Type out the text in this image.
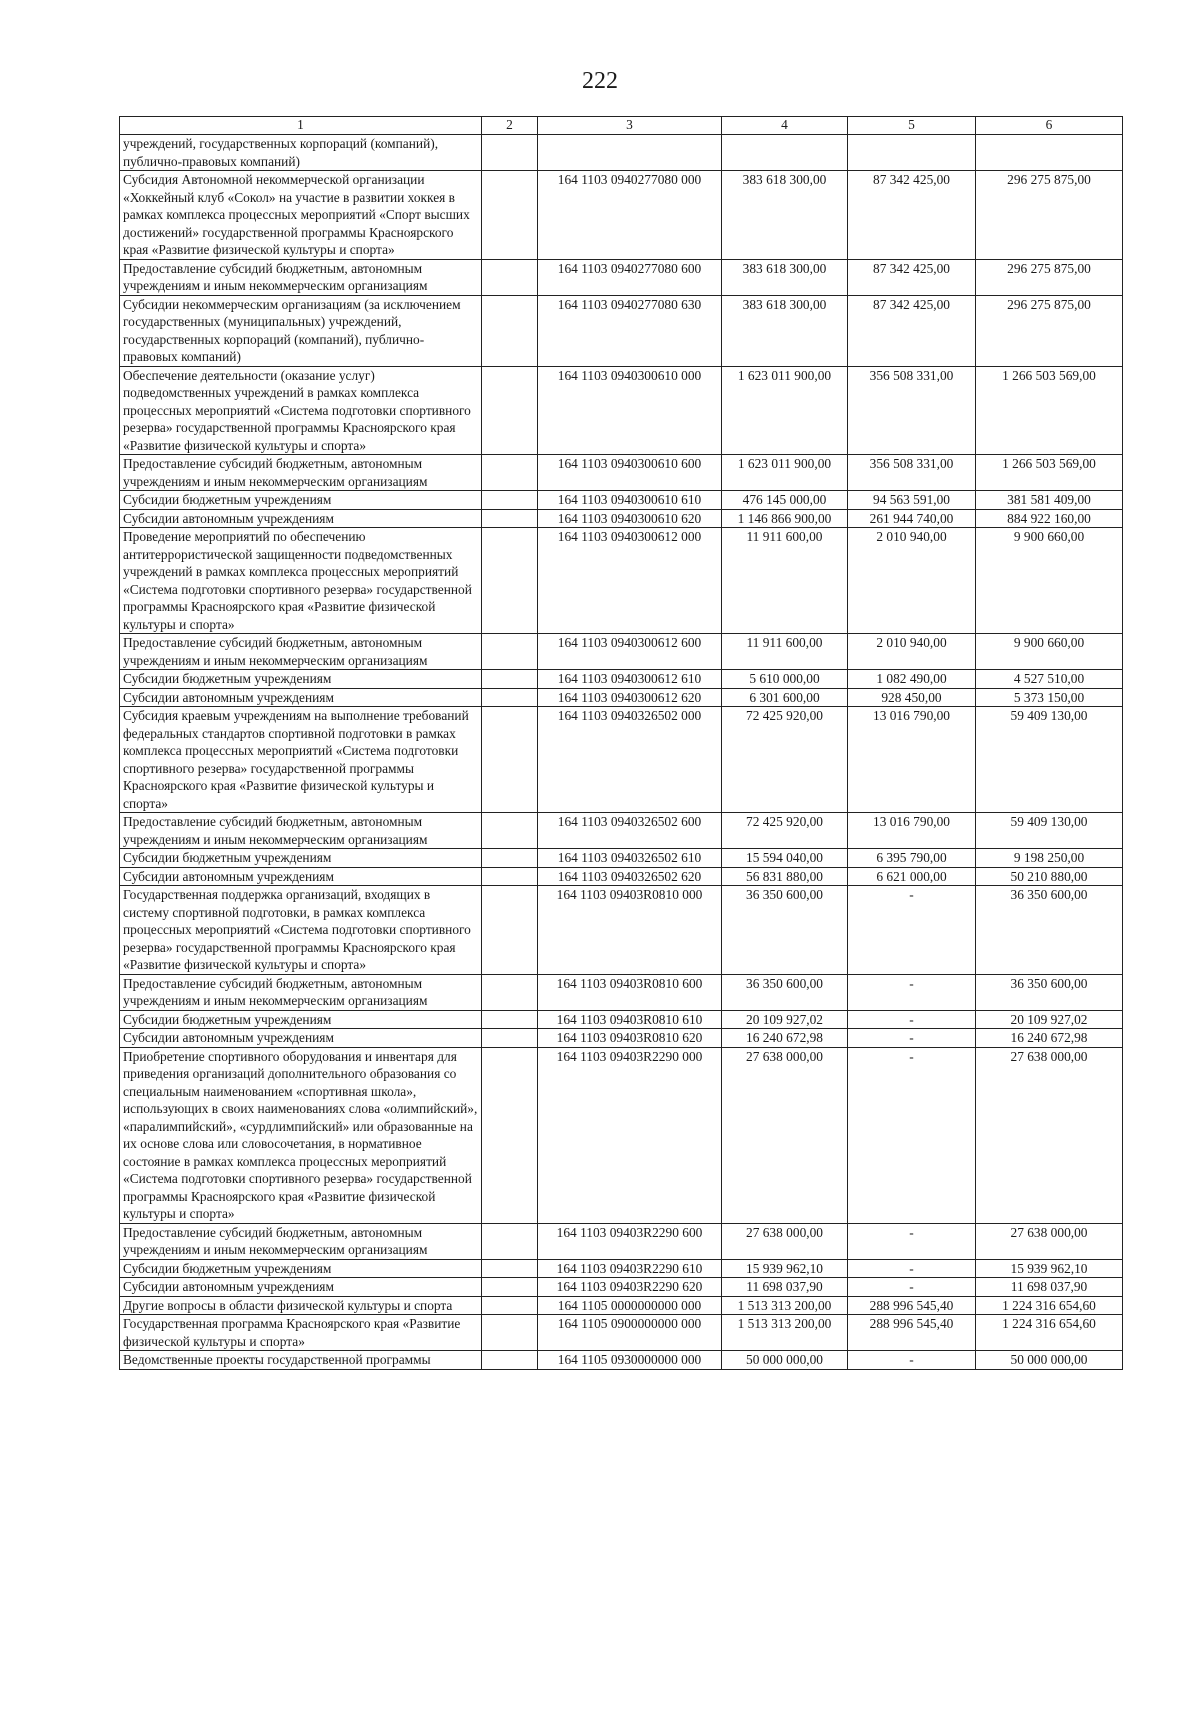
222
1	2	3	4	5	6
учреждений, государственных корпораций (компаний), публично-правовых компаний)					
Субсидия Автономной некоммерческой организации «Хоккейный клуб «Сокол» на участие в развитии хоккея в рамках комплекса процессных мероприятий «Спорт высших достижений» государственной программы Красноярского края «Развитие физической культуры и спорта»		164 1103 0940277080 000	383 618 300,00	87 342 425,00	296 275 875,00
Предоставление субсидий бюджетным, автономным учреждениям и иным некоммерческим организациям		164 1103 0940277080 600	383 618 300,00	87 342 425,00	296 275 875,00
Субсидии некоммерческим организациям (за исключением государственных (муниципальных) учреждений, государственных корпораций (компаний), публично-правовых компаний)		164 1103 0940277080 630	383 618 300,00	87 342 425,00	296 275 875,00
Обеспечение деятельности (оказание услуг) подведомственных учреждений в рамках комплекса процессных мероприятий «Система подготовки спортивного резерва» государственной программы Красноярского края «Развитие физической культуры и спорта»		164 1103 0940300610 000	1 623 011 900,00	356 508 331,00	1 266 503 569,00
Предоставление субсидий бюджетным, автономным учреждениям и иным некоммерческим организациям		164 1103 0940300610 600	1 623 011 900,00	356 508 331,00	1 266 503 569,00
Субсидии бюджетным учреждениям		164 1103 0940300610 610	476 145 000,00	94 563 591,00	381 581 409,00
Субсидии автономным учреждениям		164 1103 0940300610 620	1 146 866 900,00	261 944 740,00	884 922 160,00
Проведение мероприятий по обеспечению антитеррористической защищенности подведомственных учреждений в рамках комплекса процессных мероприятий «Система подготовки спортивного резерва» государственной программы Красноярского края «Развитие физической культуры и спорта»		164 1103 0940300612 000	11 911 600,00	2 010 940,00	9 900 660,00
Предоставление субсидий бюджетным, автономным учреждениям и иным некоммерческим организациям		164 1103 0940300612 600	11 911 600,00	2 010 940,00	9 900 660,00
Субсидии бюджетным учреждениям		164 1103 0940300612 610	5 610 000,00	1 082 490,00	4 527 510,00
Субсидии автономным учреждениям		164 1103 0940300612 620	6 301 600,00	928 450,00	5 373 150,00
Субсидия краевым учреждениям на выполнение требований федеральных стандартов спортивной подготовки в рамках комплекса процессных мероприятий «Система подготовки спортивного резерва» государственной программы Красноярского края «Развитие физической культуры и спорта»		164 1103 0940326502 000	72 425 920,00	13 016 790,00	59 409 130,00
Предоставление субсидий бюджетным, автономным учреждениям и иным некоммерческим организациям		164 1103 0940326502 600	72 425 920,00	13 016 790,00	59 409 130,00
Субсидии бюджетным учреждениям		164 1103 0940326502 610	15 594 040,00	6 395 790,00	9 198 250,00
Субсидии автономным учреждениям		164 1103 0940326502 620	56 831 880,00	6 621 000,00	50 210 880,00
Государственная поддержка организаций, входящих в систему спортивной подготовки, в рамках комплекса процессных мероприятий «Система подготовки спортивного резерва» государственной программы Красноярского края «Развитие физической культуры и спорта»		164 1103 09403R0810 000	36 350 600,00	-	36 350 600,00
Предоставление субсидий бюджетным, автономным учреждениям и иным некоммерческим организациям		164 1103 09403R0810 600	36 350 600,00	-	36 350 600,00
Субсидии бюджетным учреждениям		164 1103 09403R0810 610	20 109 927,02	-	20 109 927,02
Субсидии автономным учреждениям		164 1103 09403R0810 620	16 240 672,98	-	16 240 672,98
Приобретение спортивного оборудования и инвентаря для приведения организаций дополнительного образования со специальным наименованием «спортивная школа», использующих в своих наименованиях слова «олимпийский», «паралимпийский», «сурдлимпийский» или образованные на их основе слова или словосочетания, в нормативное состояние в рамках комплекса процессных мероприятий «Система подготовки спортивного резерва» государственной программы Красноярского края «Развитие физической культуры и спорта»		164 1103 09403R2290 000	27 638 000,00	-	27 638 000,00
Предоставление субсидий бюджетным, автономным учреждениям и иным некоммерческим организациям		164 1103 09403R2290 600	27 638 000,00	-	27 638 000,00
Субсидии бюджетным учреждениям		164 1103 09403R2290 610	15 939 962,10	-	15 939 962,10
Субсидии автономным учреждениям		164 1103 09403R2290 620	11 698 037,90	-	11 698 037,90
Другие вопросы в области физической культуры и спорта		164 1105 0000000000 000	1 513 313 200,00	288 996 545,40	1 224 316 654,60
Государственная программа Красноярского края «Развитие физической культуры и спорта»		164 1105 0900000000 000	1 513 313 200,00	288 996 545,40	1 224 316 654,60
Ведомственные проекты государственной программы		164 1105 0930000000 000	50 000 000,00	-	50 000 000,00
